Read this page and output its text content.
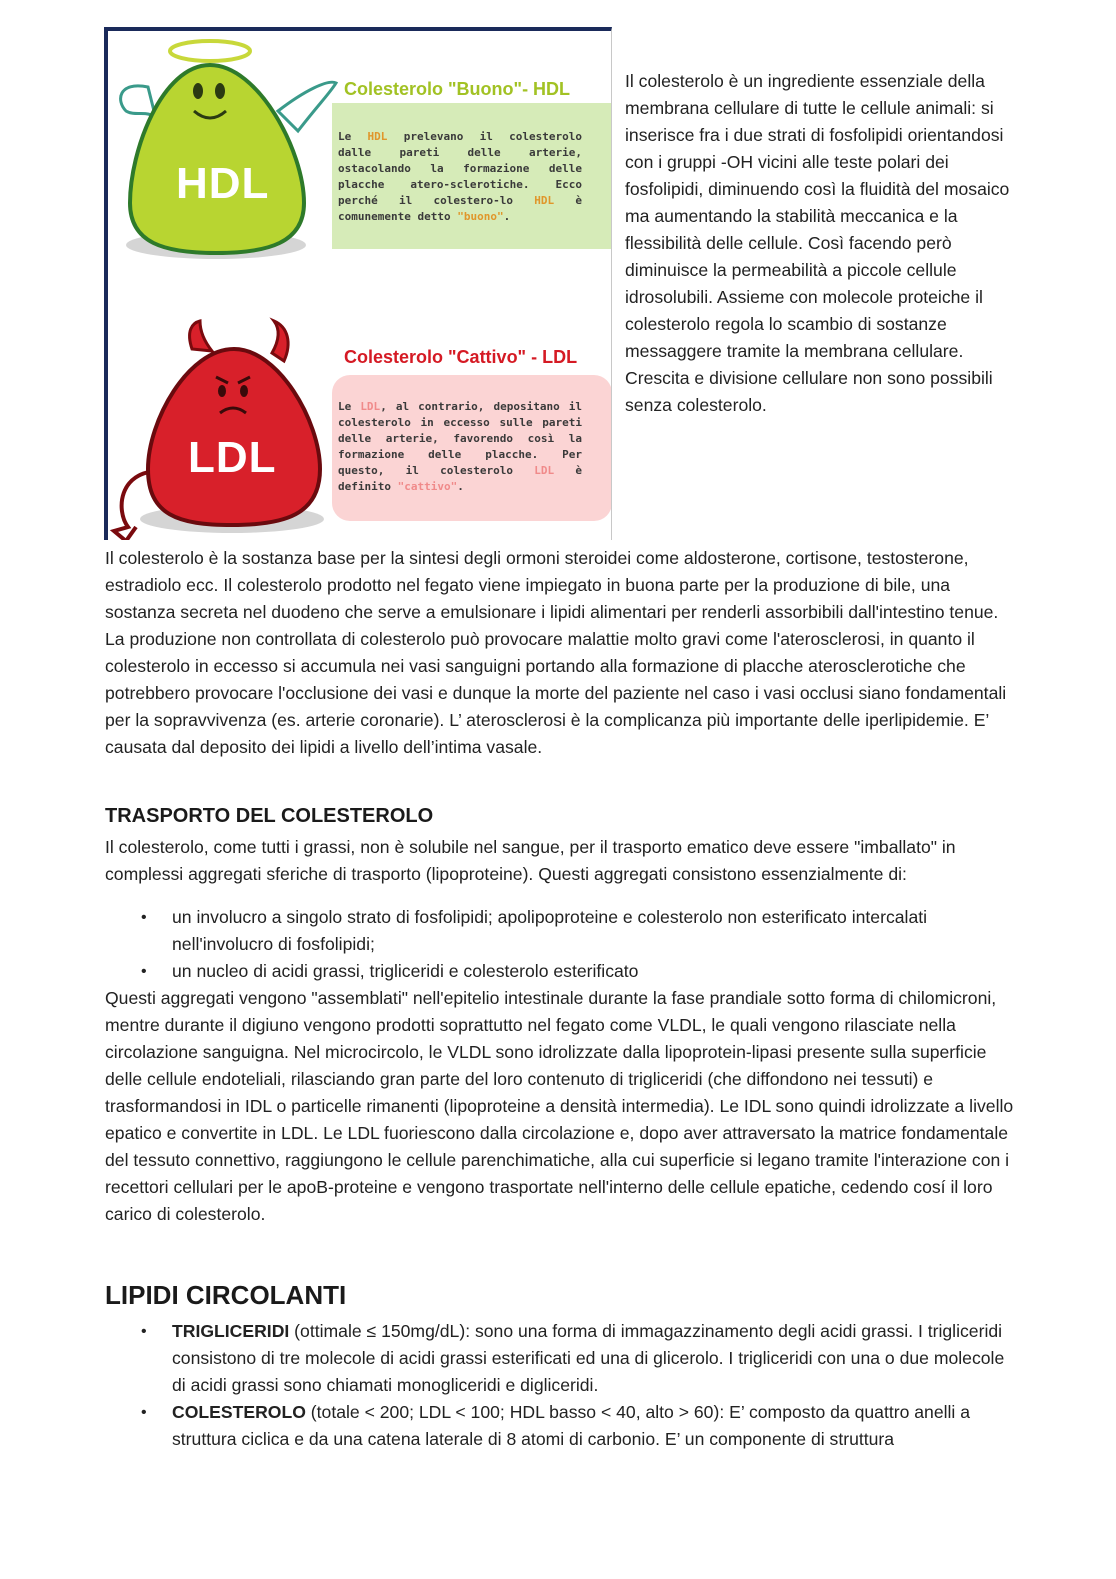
Colesterolo "Buono"- HDL
HDL
Le HDL prelevano il colesterolo dalle pareti delle arterie, ostacolando la formazione delle placche atero-sclerotiche. Ecco perché il colestero-lo HDL è comunemente detto "buono".
Colesterolo "Cattivo" - LDL
LDL
Le LDL, al contrario, depositano il colesterolo in eccesso sulle pareti delle arterie, favorendo così la formazione delle placche. Per questo, il colesterolo LDL è definito "cattivo".
Il colesterolo è un ingrediente essenziale della membrana cellulare di tutte le cellule animali: si inserisce fra i due strati di fosfolipidi orientandosi con i gruppi -OH vicini alle teste polari dei fosfolipidi, diminuendo così la fluidità del mosaico ma aumentando la stabilità meccanica e la flessibilità delle cellule. Così facendo però diminuisce la permeabilità a piccole cellule idrosolubili. Assieme con molecole proteiche il colesterolo regola lo scambio di sostanze messaggere tramite la membrana cellulare. Crescita e divisione cellulare non sono possibili senza colesterolo.
Il colesterolo è la sostanza base per la sintesi degli ormoni steroidei come aldosterone, cortisone, testosterone, estradiolo ecc. Il colesterolo prodotto nel fegato viene impiegato in buona parte per la produzione di bile, una sostanza secreta nel duodeno che serve a emulsionare i lipidi alimentari per renderli assorbibili dall'intestino tenue. La produzione non controllata di colesterolo può provocare malattie molto gravi come l'aterosclerosi, in quanto il colesterolo in eccesso si accumula nei vasi sanguigni portando alla formazione di placche aterosclerotiche che potrebbero provocare l'occlusione dei vasi e dunque la morte del paziente nel caso i vasi occlusi siano fondamentali per la sopravvivenza (es. arterie coronarie). L’ aterosclerosi è la complicanza più importante delle iperlipidemie. E’ causata dal deposito dei lipidi a livello dell’intima vasale.
TRASPORTO DEL COLESTEROLO
Il colesterolo, come tutti i grassi, non è solubile nel sangue, per il trasporto ematico deve essere "imballato" in complessi aggregati sferiche di trasporto (lipoproteine). Questi aggregati consistono essenzialmente di:
• un involucro a singolo strato di fosfolipidi; apolipoproteine e colesterolo non esterificato intercalati nell'involucro di fosfolipidi;
• un nucleo di acidi grassi, trigliceridi e colesterolo esterificato
Questi aggregati vengono "assemblati" nell'epitelio intestinale durante la fase prandiale sotto forma di chilomicroni, mentre durante il digiuno vengono prodotti soprattutto nel fegato come VLDL, le quali vengono rilasciate nella circolazione sanguigna. Nel microcircolo, le VLDL sono idrolizzate dalla lipoprotein-lipasi presente sulla superficie delle cellule endoteliali, rilasciando gran parte del loro contenuto di trigliceridi (che diffondono nei tessuti) e trasformandosi in IDL o particelle rimanenti (lipoproteine a densità intermedia). Le IDL sono quindi idrolizzate a livello epatico e convertite in LDL. Le LDL fuoriescono dalla circolazione e, dopo aver attraversato la matrice fondamentale del tessuto connettivo, raggiungono le cellule parenchimatiche, alla cui superficie si legano tramite l'interazione con i recettori cellulari per le apoB-proteine e vengono trasportate nell'interno delle cellule epatiche, cedendo cosí il loro carico di colesterolo.
LIPIDI CIRCOLANTI
• TRIGLICERIDI (ottimale ≤ 150mg/dL): sono una forma di immagazzinamento degli acidi grassi. I trigliceridi consistono di tre molecole di acidi grassi esterificati ed una di glicerolo. I trigliceridi con una o due molecole di acidi grassi sono chiamati monogliceridi e digliceridi.
• COLESTEROLO (totale < 200; LDL < 100; HDL basso < 40, alto > 60): E’ composto da quattro anelli a struttura ciclica e da una catena laterale di 8 atomi di carbonio. E’ un componente di struttura
